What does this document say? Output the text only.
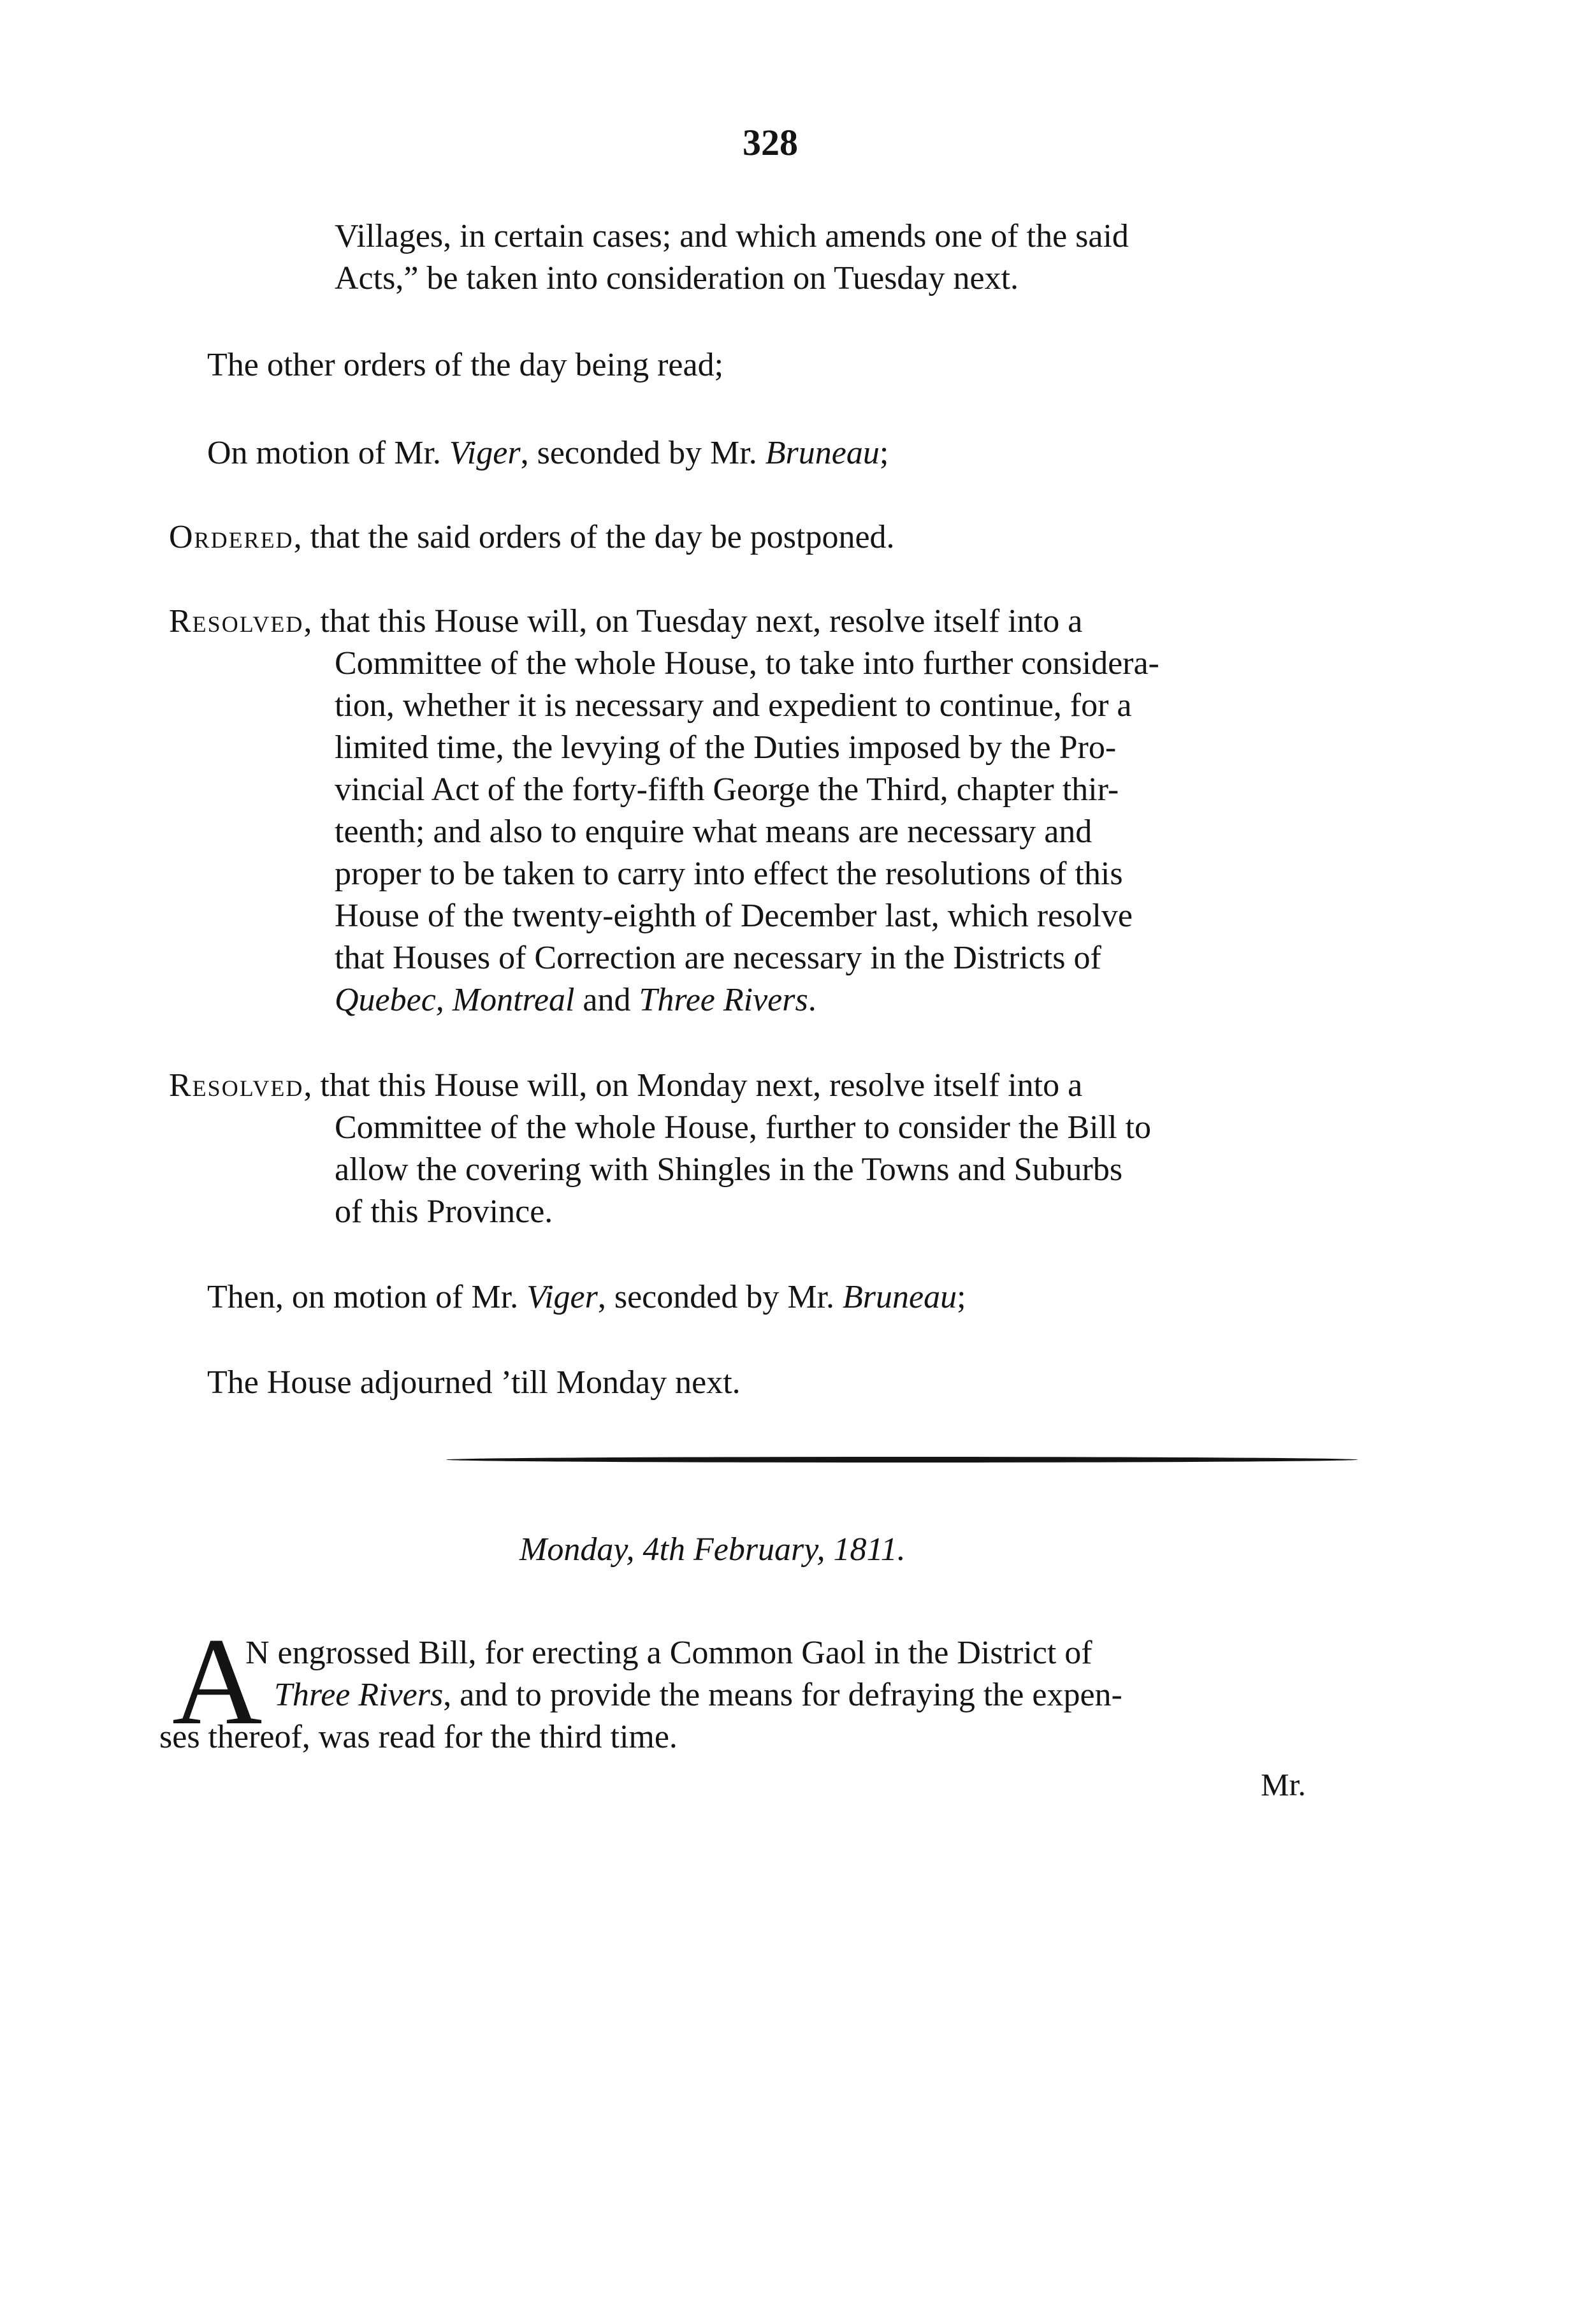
328
Villages, in certain cases; and which amends one of the said
Acts,” be taken into consideration on Tuesday next.
The other orders of the day being read;
On motion of Mr. Viger, seconded by Mr. Bruneau;
Ordered, that the said orders of the day be postponed.
Resolved, that this House will, on Tuesday next, resolve itself into a
Committee of the whole House, to take into further considera-
tion, whether it is necessary and expedient to continue, for a
limited time, the levying of the Duties imposed by the Pro-
vincial Act of the forty-fifth George the Third, chapter thir-
teenth; and also to enquire what means are necessary and
proper to be taken to carry into effect the resolutions of this
House of the twenty-eighth of December last, which resolve
that Houses of Correction are necessary in the Districts of
Quebec, Montreal and Three Rivers.
Resolved, that this House will, on Monday next, resolve itself into a
Committee of the whole House, further to consider the Bill to
allow the covering with Shingles in the Towns and Suburbs
of this Province.
Then, on motion of Mr. Viger, seconded by Mr. Bruneau;
The House adjourned ’till Monday next.
Monday, 4th February, 1811.
A
N engrossed Bill, for erecting a Common Gaol in the District of
Three Rivers, and to provide the means for defraying the expen-
ses thereof, was read for the third time.
Mr.
